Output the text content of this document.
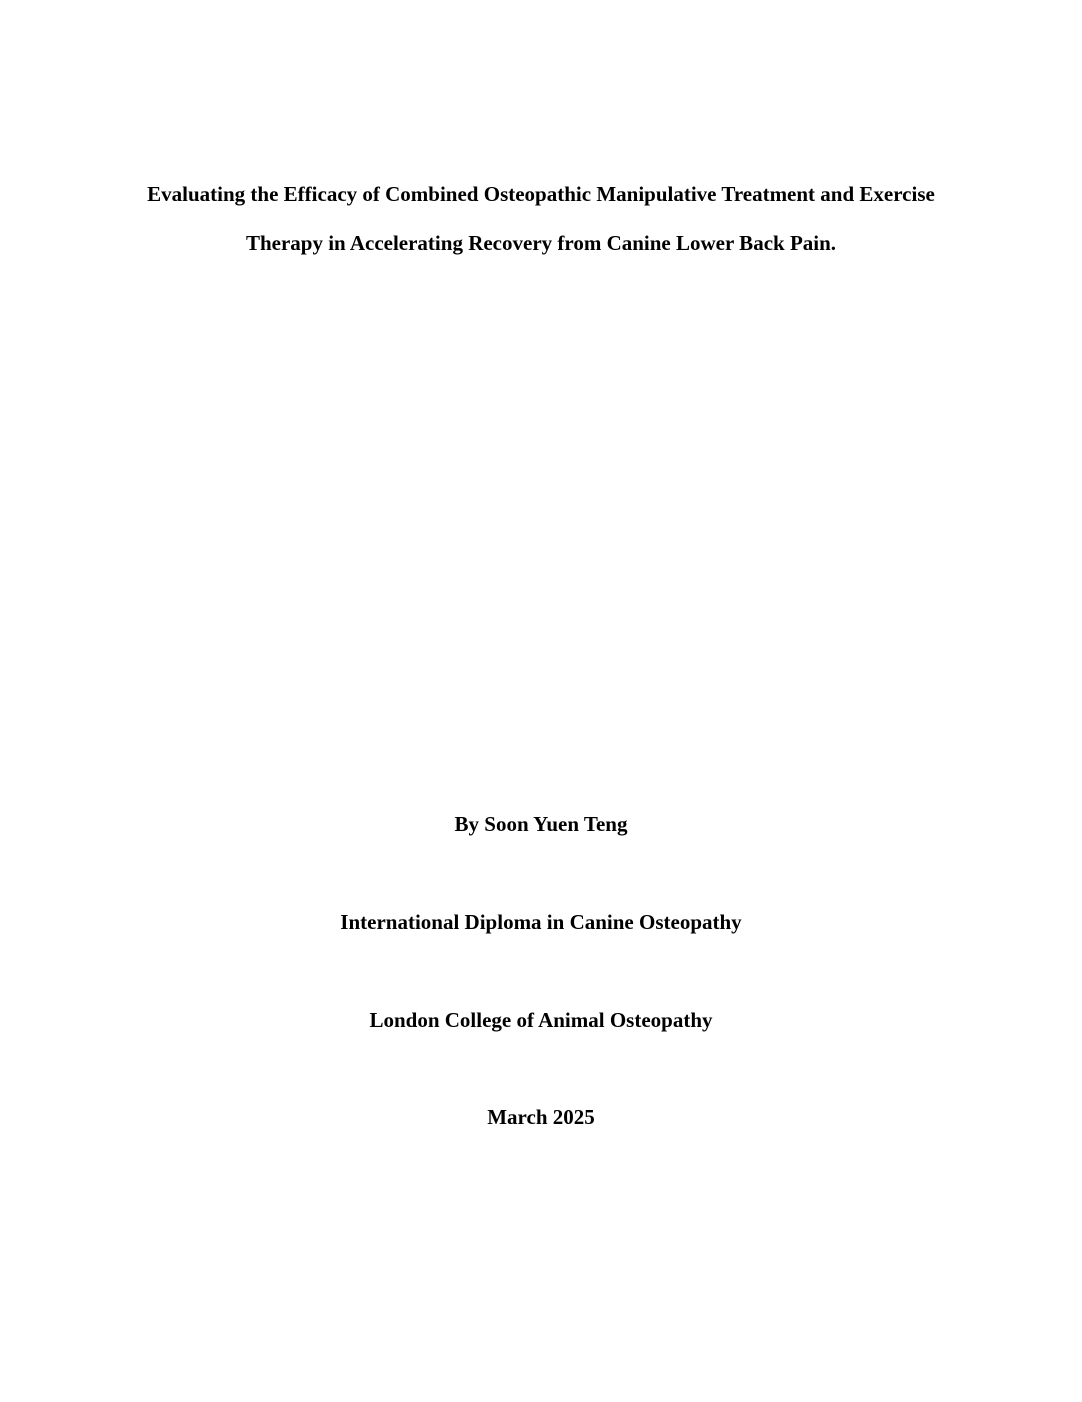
Evaluating the Efficacy of Combined Osteopathic Manipulative Treatment and Exercise
Therapy in Accelerating Recovery from Canine Lower Back Pain.
By Soon Yuen Teng
International Diploma in Canine Osteopathy
London College of Animal Osteopathy
March 2025
